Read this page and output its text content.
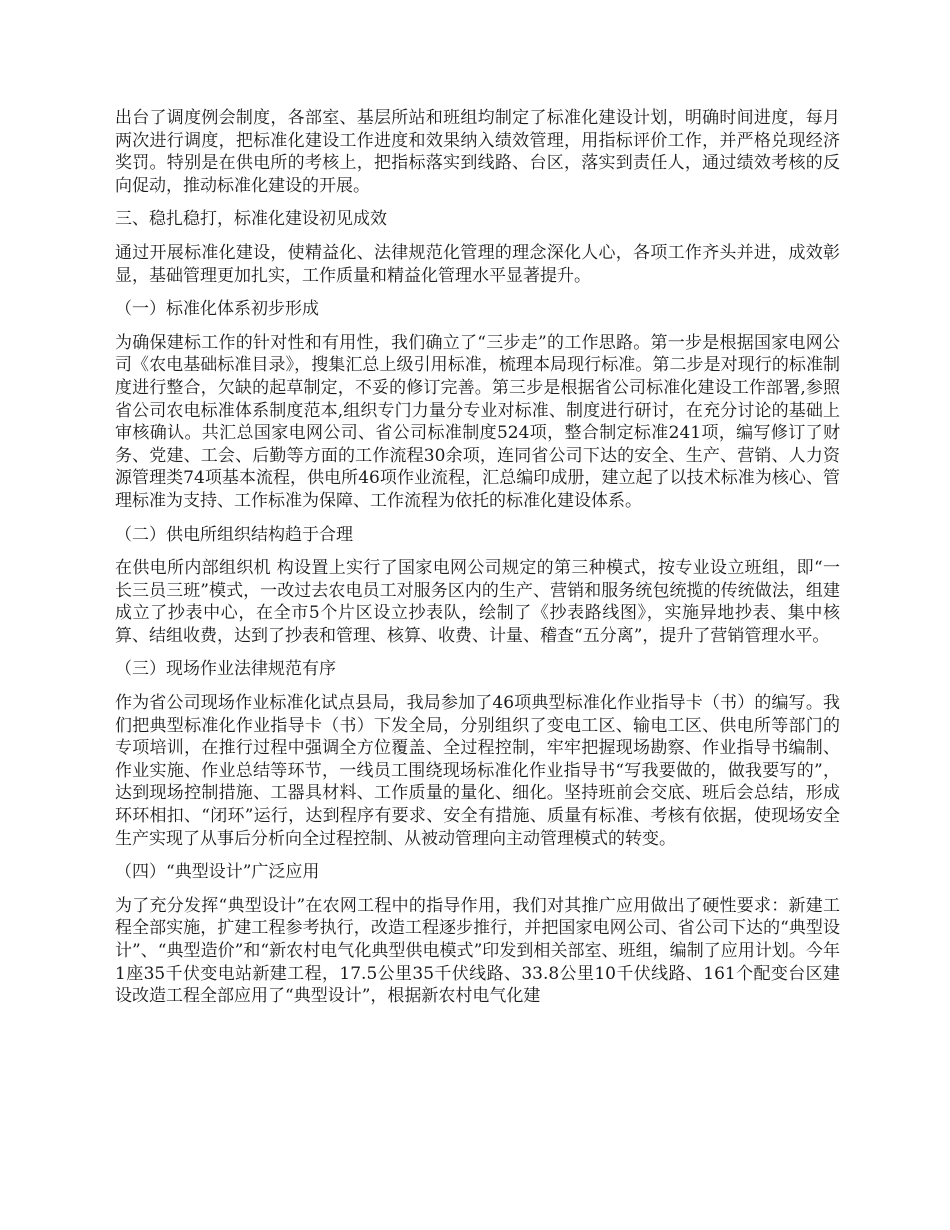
出台了调度例会制度，各部室、基层所站和班组均制定了标准化建设计划，明确时间进度，每月两次进行调度，把标准化建设工作进度和效果纳入绩效管理，用指标评价工作，并严格兑现经济奖罚。特别是在供电所的考核上，把指标落实到线路、台区，落实到责任人，通过绩效考核的反向促动，推动标准化建设的开展。

三、稳扎稳打，标准化建设初见成效

通过开展标准化建设，使精益化、法律规范化管理的理念深化人心，各项工作齐头并进，成效彰显，基础管理更加扎实，工作质量和精益化管理水平显著提升。

（一）标准化体系初步形成

为确保建标工作的针对性和有用性，我们确立了“三步走”的工作思路。第一步是根据国家电网公司《农电基础标准目录》，搜集汇总上级引用标准，梳理本局现行标准。第二步是对现行的标准制度进行整合，欠缺的起草制定，不妥的修订完善。第三步是根据省公司标准化建设工作部署,参照省公司农电标准体系制度范本,组织专门力量分专业对标准、制度进行研讨，在充分讨论的基础上审核确认。共汇总国家电网公司、省公司标准制度524项，整合制定标准241项，编写修订了财务、党建、工会、后勤等方面的工作流程30余项，连同省公司下达的安全、生产、营销、人力资源管理类74项基本流程，供电所46项作业流程，汇总编印成册，建立起了以技术标准为核心、管理标准为支持、工作标准为保障、工作流程为依托的标准化建设体系。

（二）供电所组织结构趋于合理

在供电所内部组织机 构设置上实行了国家电网公司规定的第三种模式，按专业设立班组，即“一长三员三班”模式，一改过去农电员工对服务区内的生产、营销和服务统包统揽的传统做法，组建成立了抄表中心，在全市5个片区设立抄表队，绘制了《抄表路线图》，实施异地抄表、集中核算、结组收费，达到了抄表和管理、核算、收费、计量、稽查“五分离”，提升了营销管理水平。

（三）现场作业法律规范有序

作为省公司现场作业标准化试点县局，我局参加了46项典型标准化作业指导卡（书）的编写。我们把典型标准化作业指导卡（书）下发全局，分别组织了变电工区、输电工区、供电所等部门的专项培训，在推行过程中强调全方位覆盖、全过程控制，牢牢把握现场勘察、作业指导书编制、作业实施、作业总结等环节，一线员工围绕现场标准化作业指导书“写我要做的，做我要写的”，达到现场控制措施、工器具材料、工作质量的量化、细化。坚持班前会交底、班后会总结，形成环环相扣、“闭环”运行，达到程序有要求、安全有措施、质量有标准、考核有依据，使现场安全生产实现了从事后分析向全过程控制、从被动管理向主动管理模式的转变。

（四）“典型设计”广泛应用

为了充分发挥“典型设计”在农网工程中的指导作用，我们对其推广应用做出了硬性要求：新建工程全部实施，扩建工程参考执行，改造工程逐步推行，并把国家电网公司、省公司下达的“典型设计”、“典型造价”和“新农村电气化典型供电模式”印发到相关部室、班组，编制了应用计划。今年1座35千伏变电站新建工程，17.5公里35千伏线路、33.8公里10千伏线路、161个配变台区建设改造工程全部应用了“典型设计”，根据新农村电气化建
